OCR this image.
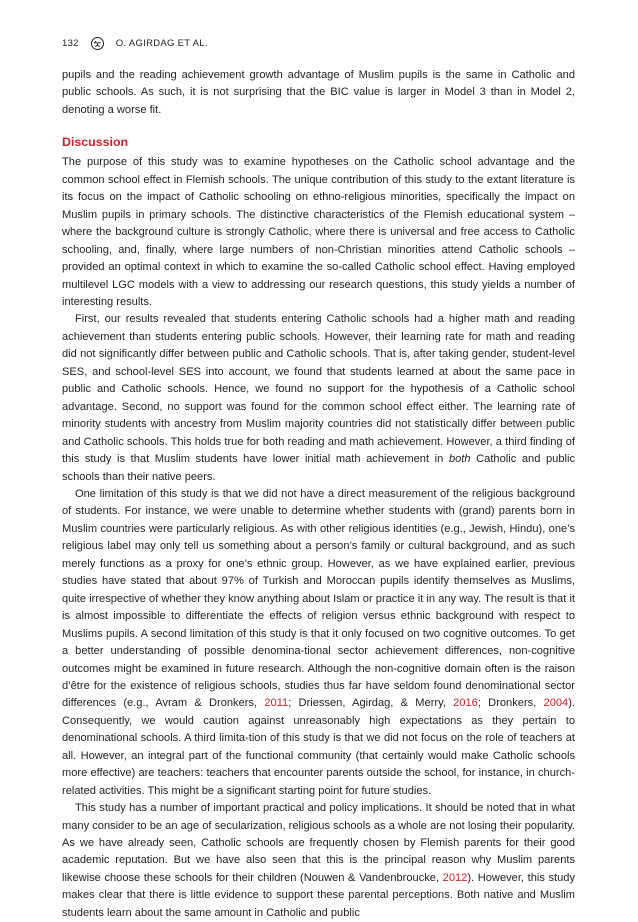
132	O. AGIRDAG ET AL.

pupils and the reading achievement growth advantage of Muslim pupils is the same in Catholic and public schools. As such, it is not surprising that the BIC value is larger in Model 3 than in Model 2, denoting a worse fit.

Discussion

The purpose of this study was to examine hypotheses on the Catholic school advantage and the common school effect in Flemish schools. The unique contribution of this study to the extant literature is its focus on the impact of Catholic schooling on ethno-religious minorities, specifically the impact on Muslim pupils in primary schools. The distinctive characteristics of the Flemish educational system – where the background culture is strongly Catholic, where there is universal and free access to Catholic schooling, and, finally, where large numbers of non-Christian minorities attend Catholic schools – provided an optimal context in which to examine the so-called Catholic school effect. Having employed multilevel LGC models with a view to addressing our research questions, this study yields a number of interesting results.

First, our results revealed that students entering Catholic schools had a higher math and reading achievement than students entering public schools. However, their learning rate for math and reading did not significantly differ between public and Catholic schools. That is, after taking gender, student-level SES, and school-level SES into account, we found that students learned at about the same pace in public and Catholic schools. Hence, we found no support for the hypothesis of a Catholic school advantage. Second, no support was found for the common school effect either. The learning rate of minority students with ancestry from Muslim majority countries did not statistically differ between public and Catholic schools. This holds true for both reading and math achievement. However, a third finding of this study is that Muslim students have lower initial math achievement in both Catholic and public schools than their native peers.

One limitation of this study is that we did not have a direct measurement of the religious background of students. For instance, we were unable to determine whether students with (grand) parents born in Muslim countries were particularly religious. As with other religious identities (e.g., Jewish, Hindu), one’s religious label may only tell us something about a person’s family or cultural background, and as such merely functions as a proxy for one’s ethnic group. However, as we have explained earlier, previous studies have stated that about 97% of Turkish and Moroccan pupils identify themselves as Muslims, quite irrespective of whether they know anything about Islam or practice it in any way. The result is that it is almost impossible to differentiate the effects of religion versus ethnic background with respect to Muslims pupils. A second limitation of this study is that it only focused on two cognitive outcomes. To get a better understanding of possible denomina-tional sector achievement differences, non-cognitive outcomes might be examined in future research. Although the non-cognitive domain often is the raison d’être for the existence of religious schools, studies thus far have seldom found denominational sector differences (e.g., Avram & Dronkers, 2011; Driessen, Agirdag, & Merry, 2016; Dronkers, 2004). Consequently, we would caution against unreasonably high expectations as they pertain to denominational schools. A third limita-tion of this study is that we did not focus on the role of teachers at all. However, an integral part of the functional community (that certainly would make Catholic schools more effective) are teachers: teachers that encounter parents outside the school, for instance, in church-related activities. This might be a significant starting point for future studies.

This study has a number of important practical and policy implications. It should be noted that in what many consider to be an age of secularization, religious schools as a whole are not losing their popularity. As we have already seen, Catholic schools are frequently chosen by Flemish parents for their good academic reputation. But we have also seen that this is the principal reason why Muslim parents likewise choose these schools for their children (Nouwen & Vandenbroucke, 2012). However, this study makes clear that there is little evidence to support these parental perceptions. Both native and Muslim students learn about the same amount in Catholic and public
